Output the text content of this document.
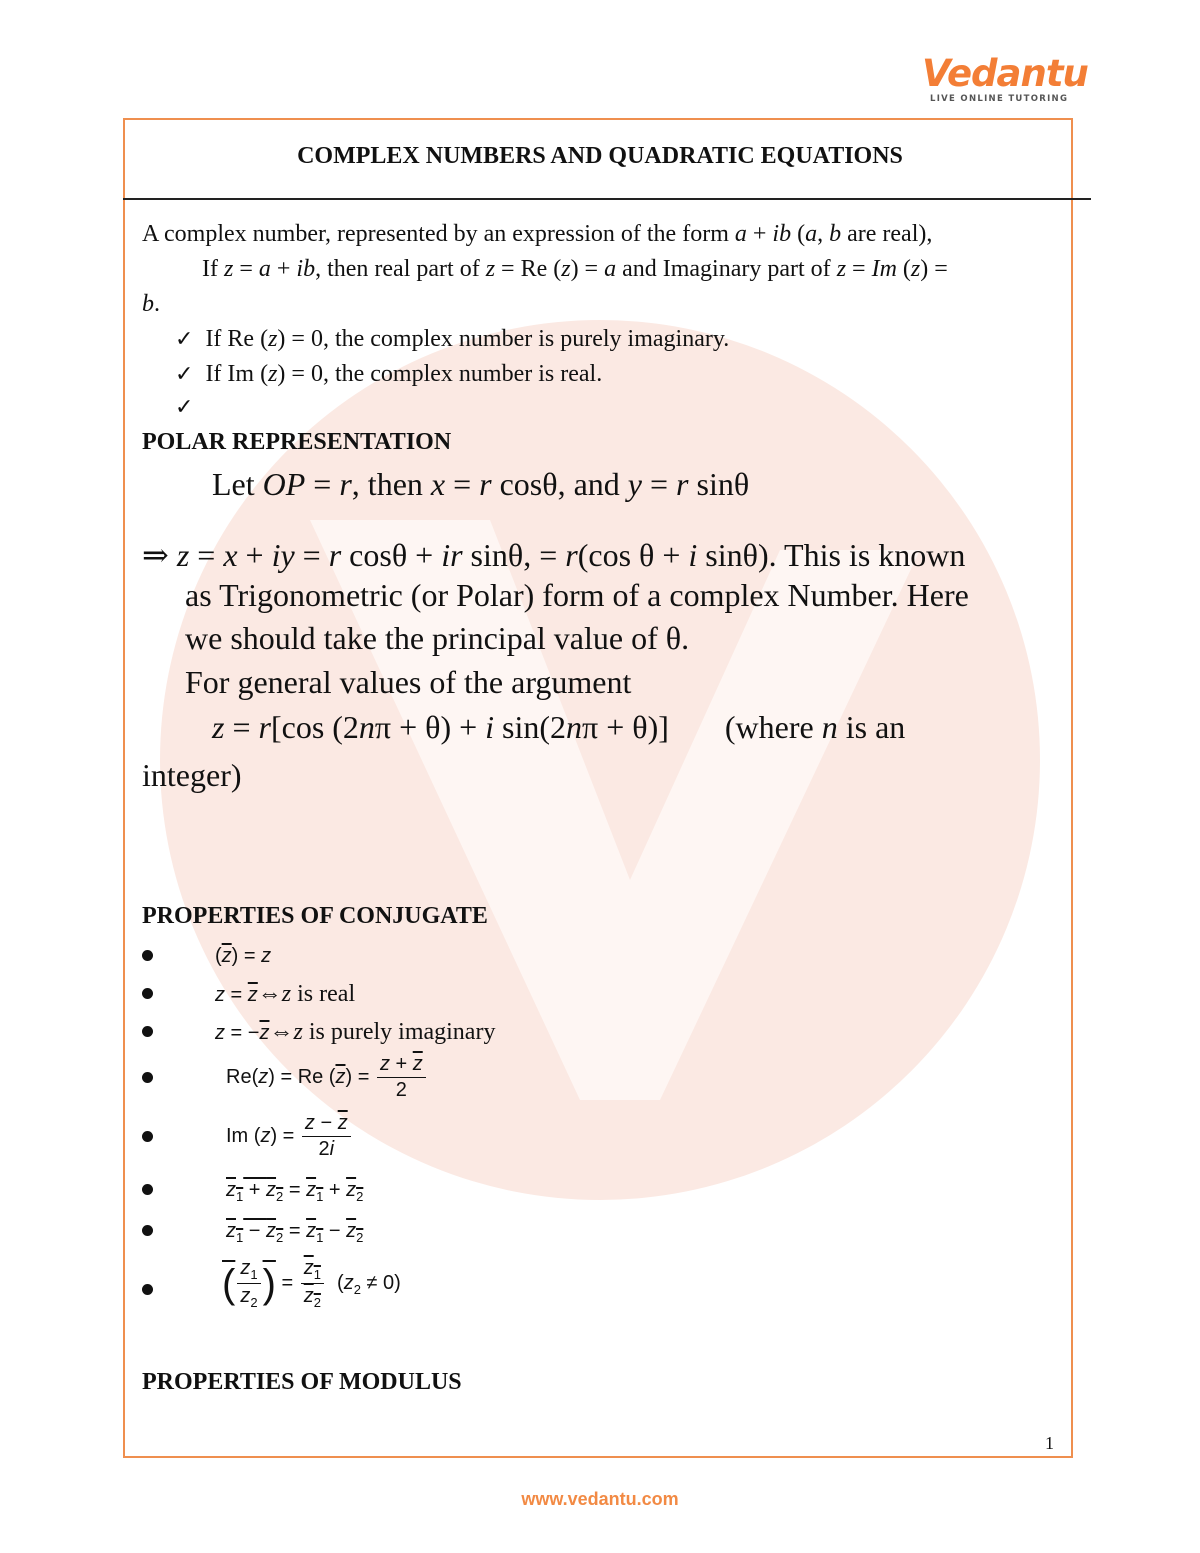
Vedantu
LIVE ONLINE TUTORING
COMPLEX NUMBERS AND QUADRATIC EQUATIONS
A complex number, represented by an expression of the form a + ib (a, b are real),
If z = a + ib, then real part of z = Re (z) = a and Imaginary part of z = Im (z) =
b.
✓  If Re (z) = 0, the complex number is purely imaginary.
✓  If Im (z) = 0, the complex number is real.
✓
POLAR REPRESENTATION
Let OP = r, then x = r cosθ, and y = r sinθ
⇒ z = x + iy = r cosθ + ir sinθ, = r(cos θ + i sinθ). This is known
as Trigonometric (or Polar) form of a complex Number. Here
we should take the principal value of θ.
For general values of the argument
z = r[cos (2nπ + θ) + i sin(2nπ + θ)]       (where n is an
integer)
PROPERTIES OF CONJUGATE
$(\overline{z}) = z$
$z = \overline{z}\Leftrightarrow z$ is real
$z = -\overline{z}\Leftrightarrow z$ is purely imaginary
Re(z) = Re $(\overline{z}) = \frac{z + \overline{z}}{2}$
Im $(z) = \frac{z - \overline{z}}{2i}$
$z_1 + z_2 = z_1 + z_2$
$z_1 - z_2 = z_1 - z_2$
( $\frac{z_1}{z_2}$ ) = $\frac{z_1}{z_2} (z_2 \ne 0)$
PROPERTIES OF MODULUS
1
www.vedantu.com
